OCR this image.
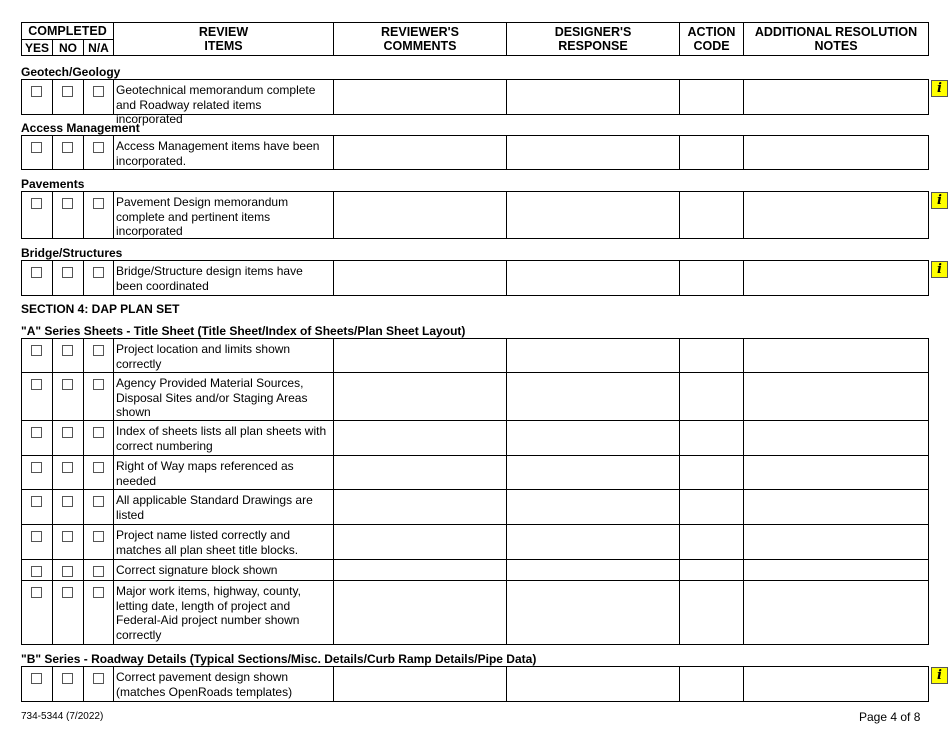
COMPLETED
YES NO N/A
REVIEW
ITEMS
REVIEWER'S
COMMENTS
DESIGNER'S
RESPONSE
ACTION
CODE
ADDITIONAL RESOLUTION
NOTES
Geotech/Geology
Access Management
Pavements
Bridge/Structures
SECTION 4: DAP PLAN SET
"A" Series Sheets - Title Sheet (Title Sheet/Index of Sheets/Plan Sheet Layout)
"B" Series - Roadway Details (Typical Sections/Misc. Details/Curb Ramp Details/Pipe Data)
Geotechnical memorandum complete and Roadway related items incorporated
Access Management items have been incorporated.
Pavement Design memorandum complete and pertinent items incorporated
Bridge/Structure design items have been coordinated
Project location and limits shown correctly
Agency Provided Material Sources, Disposal Sites and/or Staging Areas shown
Index of sheets lists all plan sheets with correct numbering
Right of Way maps referenced as needed
All applicable Standard Drawings are listed
Project name listed correctly and matches all plan sheet title blocks.
Correct signature block shown
Major work items, highway, county, letting date, length of project and Federal-Aid project number shown correctly
Correct pavement design shown (matches OpenRoads templates)
i
i
i
i
734-5344 (7/2022)	Page 4 of 8
